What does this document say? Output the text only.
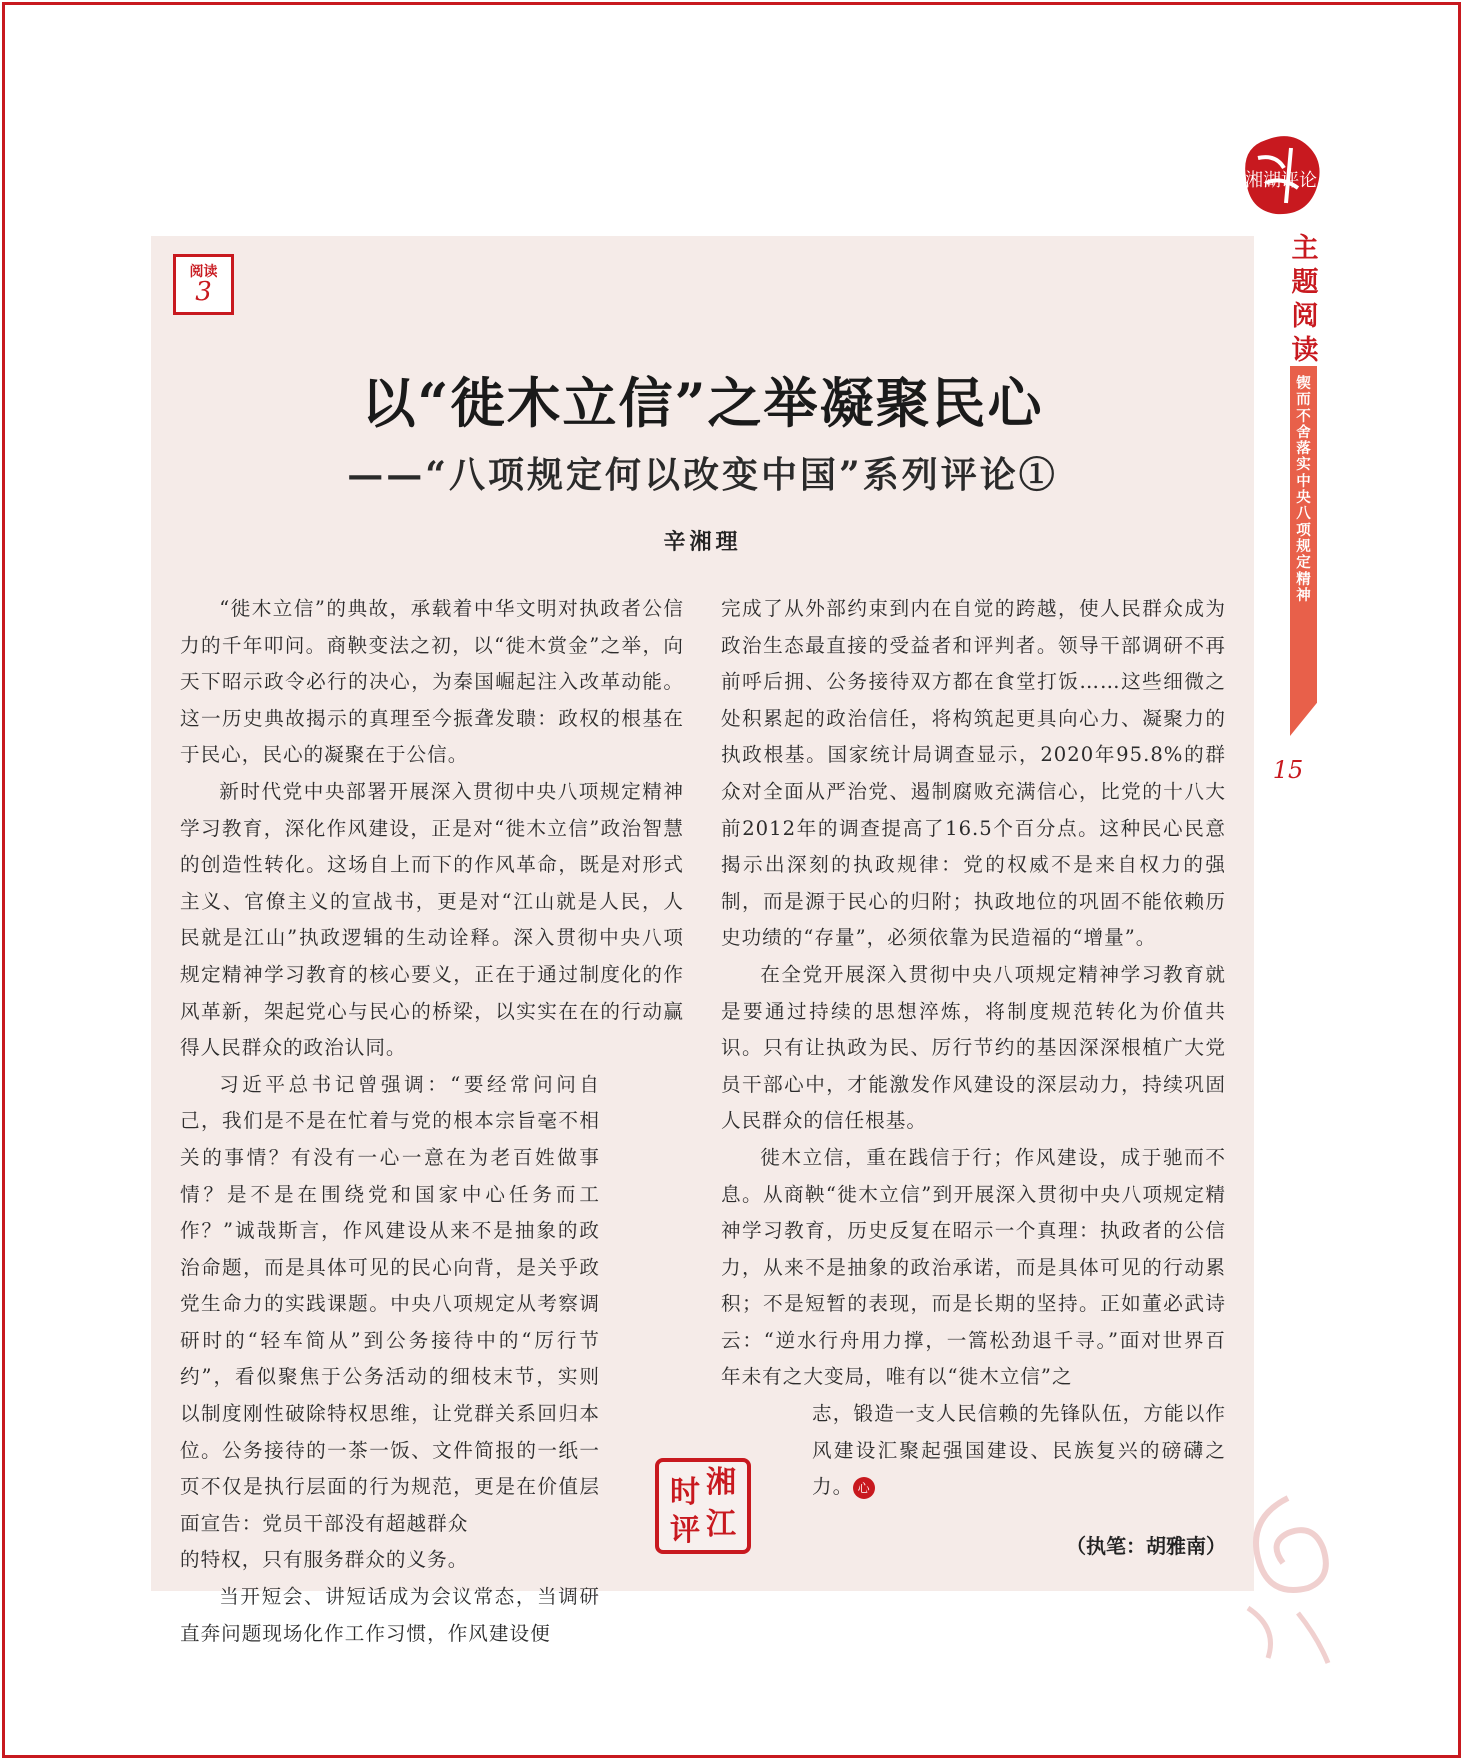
湘湖评论
主题阅读
锲而不舍落实中央八项规定精神
15
阅读
3
以“徙木立信”之举凝聚民心
——“八项规定何以改变中国”系列评论①
辛湘理

“徙木立信”的典故，承载着中华文明对执政者公信力的千年叩问。商鞅变法之初，以“徙木赏金”之举，向天下昭示政令必行的决心，为秦国崛起注入改革动能。这一历史典故揭示的真理至今振聋发聩：政权的根基在于民心，民心的凝聚在于公信。

新时代党中央部署开展深入贯彻中央八项规定精神学习教育，深化作风建设，正是对“徙木立信”政治智慧的创造性转化。这场自上而下的作风革命，既是对形式主义、官僚主义的宣战书，更是对“江山就是人民，人民就是江山”执政逻辑的生动诠释。深入贯彻中央八项规定精神学习教育的核心要义，正在于通过制度化的作风革新，架起党心与民心的桥梁，以实实在在的行动赢得人民群众的政治认同。

习近平总书记曾强调：“要经常问问自己，我们是不是在忙着与党的根本宗旨毫不相关的事情？有没有一心一意在为老百姓做事情？是不是在围绕党和国家中心任务而工作？”诚哉斯言，作风建设从来不是抽象的政治命题，而是具体可见的民心向背，是关乎政党生命力的实践课题。中央八项规定从考察调研时的“轻车简从”到公务接待中的“厉行节约”，看似聚焦于公务活动的细枝末节，实则以制度刚性破除特权思维，让党群关系回归本位。公务接待的一茶一饭、文件简报的一纸一页不仅是执行层面的行为规范，更是在价值层面宣告：党员干部没有超越群众

的特权，只有服务群众的义务。

当开短会、讲短话成为会议常态，当调研直奔问题现场化作工作习惯，作风建设便

完成了从外部约束到内在自觉的跨越，使人民群众成为政治生态最直接的受益者和评判者。领导干部调研不再前呼后拥、公务接待双方都在食堂打饭……这些细微之处积累起的政治信任，将构筑起更具向心力、凝聚力的执政根基。国家统计局调查显示，2020年95.8%的群众对全面从严治党、遏制腐败充满信心，比党的十八大前2012年的调查提高了16.5个百分点。这种民心民意揭示出深刻的执政规律：党的权威不是来自权力的强制，而是源于民心的归附；执政地位的巩固不能依赖历史功绩的“存量”，必须依靠为民造福的“增量”。

在全党开展深入贯彻中央八项规定精神学习教育就是要通过持续的思想淬炼，将制度规范转化为价值共识。只有让执政为民、厉行节约的基因深深根植广大党员干部心中，才能激发作风建设的深层动力，持续巩固人民群众的信任根基。

徙木立信，重在践信于行；作风建设，成于驰而不息。从商鞅“徙木立信”到开展深入贯彻中央八项规定精神学习教育，历史反复在昭示一个真理：执政者的公信力，从来不是抽象的政治承诺，而是具体可见的行动累积；不是短暂的表现，而是长期的坚持。正如董必武诗云：“逆水行舟用力撑，一篙松劲退千寻。”面对世界百年未有之大变局，唯有以“徙木立信”之

志，锻造一支人民信赖的先锋队伍，方能以作风建设汇聚起强国建设、民族复兴的磅礴之力。 心

湘
时
江
评	（执笔：胡雅南）
